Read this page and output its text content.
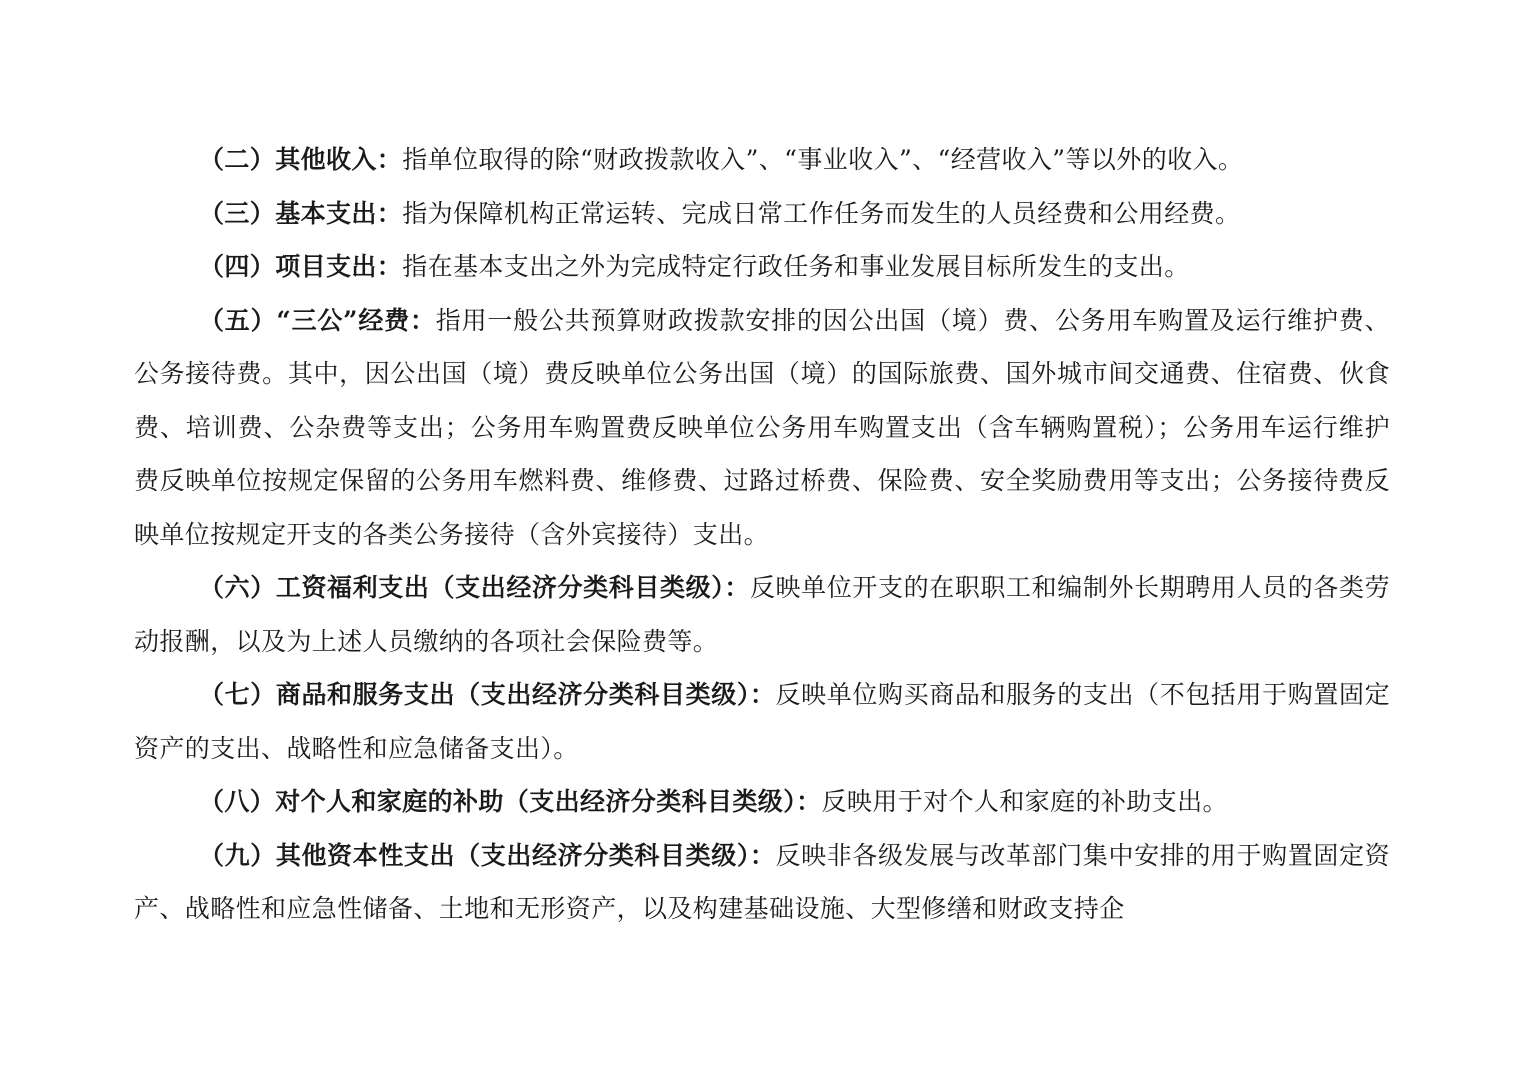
（二）其他收入：指单位取得的除“财政拨款收入”、“事业收入”、“经营收入”等以外的收入。

（三）基本支出：指为保障机构正常运转、完成日常工作任务而发生的人员经费和公用经费。

（四）项目支出：指在基本支出之外为完成特定行政任务和事业发展目标所发生的支出。

（五）“三公”经费：指用一般公共预算财政拨款安排的因公出国（境）费、公务用车购置及运行维护费、公务接待费。其中，因公出国（境）费反映单位公务出国（境）的国际旅费、国外城市间交通费、住宿费、伙食费、培训费、公杂费等支出；公务用车购置费反映单位公务用车购置支出（含车辆购置税）；公务用车运行维护费反映单位按规定保留的公务用车燃料费、维修费、过路过桥费、保险费、安全奖励费用等支出；公务接待费反映单位按规定开支的各类公务接待（含外宾接待）支出。

（六）工资福利支出（支出经济分类科目类级）：反映单位开支的在职职工和编制外长期聘用人员的各类劳动报酬，以及为上述人员缴纳的各项社会保险费等。

（七）商品和服务支出（支出经济分类科目类级）：反映单位购买商品和服务的支出（不包括用于购置固定资产的支出、战略性和应急储备支出）。

（八）对个人和家庭的补助（支出经济分类科目类级）：反映用于对个人和家庭的补助支出。

（九）其他资本性支出（支出经济分类科目类级）：反映非各级发展与改革部门集中安排的用于购置固定资产、战略性和应急性储备、土地和无形资产，以及构建基础设施、大型修缮和财政支持企
